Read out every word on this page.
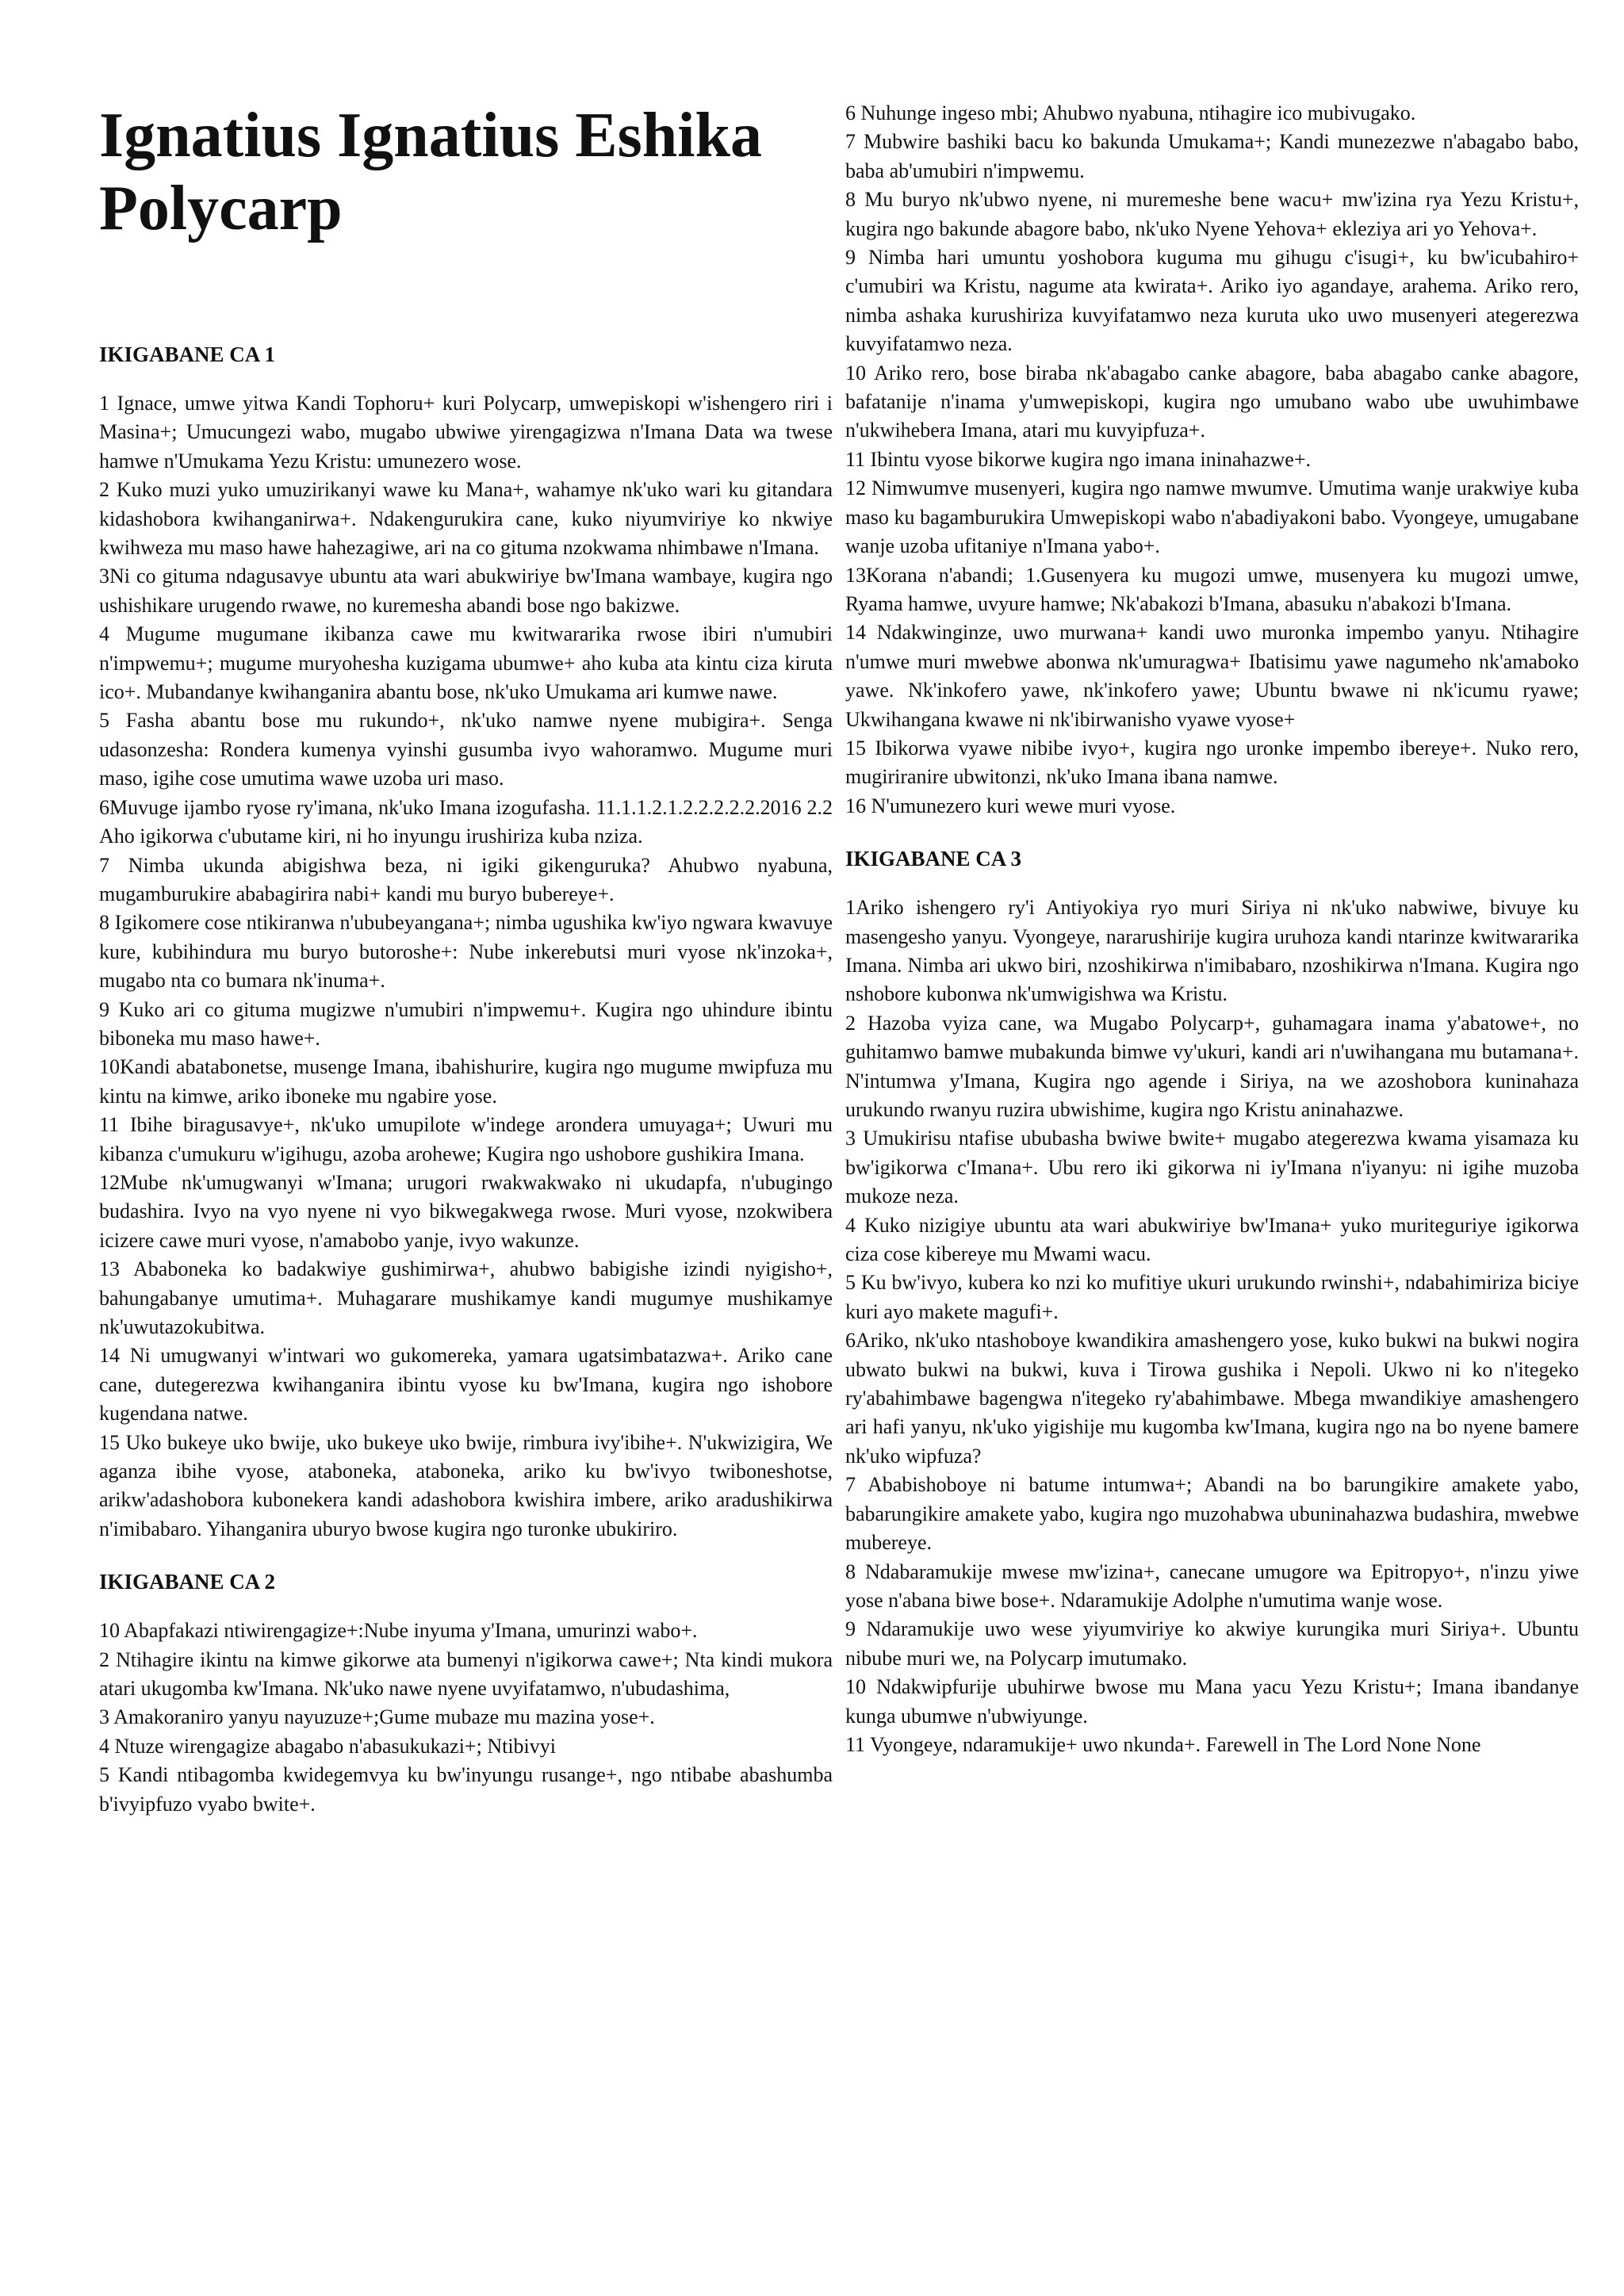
Ignatius Ignatius Eshika Polycarp
IKIGABANE CA 1

1 Ignace, umwe yitwa Kandi Tophoru+ kuri Polycarp, umwepiskopi w'ishengero riri i Masina+; Umucungezi wabo, mugabo ubwiwe yirengagizwa n'Imana Data wa twese hamwe n'Umukama Yezu Kristu: umunezero wose.

2 Kuko muzi yuko umuzirikanyi wawe ku Mana+, wahamye nk'uko wari ku gitandara kidashobora kwihanganirwa+. Ndakengurukira cane, kuko niyumviriye ko nkwiye kwihweza mu maso hawe hahezagiwe, ari na co gituma nzokwama nhimbawe n'Imana.

3Ni co gituma ndagusavye ubuntu ata wari abukwiriye bw'Imana wambaye, kugira ngo ushishikare urugendo rwawe, no kuremesha abandi bose ngo bakizwe.

4 Mugume mugumane ikibanza cawe mu kwitwararika rwose ibiri n'umubiri n'impwemu+; mugume muryohesha kuzigama ubumwe+ aho kuba ata kintu ciza kiruta ico+. Mubandanye kwihanganira abantu bose, nk'uko Umukama ari kumwe nawe.

5 Fasha abantu bose mu rukundo+, nk'uko namwe nyene mubigira+. Senga udasonzesha: Rondera kumenya vyinshi gusumba ivyo wahoramwo. Mugume muri maso, igihe cose umutima wawe uzoba uri maso.

6Muvuge ijambo ryose ry'imana, nk'uko Imana izogufasha. 11.1.1.2.1.2.2.2.2.2.2016 2.2 Aho igikorwa c'ubutame kiri, ni ho inyungu irushiriza kuba nziza.

7 Nimba ukunda abigishwa beza, ni igiki gikenguruka? Ahubwo nyabuna, mugamburukire ababagirira nabi+ kandi mu buryo bubereye+.

8 Igikomere cose ntikiranwa n'ububeyangana+; nimba ugushika kw'iyo ngwara kwavuye kure, kubihindura mu buryo butoroshe+: Nube inkerebutsi muri vyose nk'inzoka+, mugabo nta co bumara nk'inuma+.

9 Kuko ari co gituma mugizwe n'umubiri n'impwemu+. Kugira ngo uhindure ibintu biboneka mu maso hawe+.

10Kandi abatabonetse, musenge Imana, ibahishurire, kugira ngo mugume mwipfuza mu kintu na kimwe, ariko iboneke mu ngabire yose.

11 Ibihe biragusavye+, nk'uko umupilote w'indege arondera umuyaga+; Uwuri mu kibanza c'umukuru w'igihugu, azoba arohewe; Kugira ngo ushobore gushikira Imana.

12Mube nk'umugwanyi w'Imana; urugori rwakwakwako ni ukudapfa, n'ubugingo budashira. Ivyo na vyo nyene ni vyo bikwegakwega rwose. Muri vyose, nzokwibera icizere cawe muri vyose, n'amabobo yanje, ivyo wakunze.

13 Ababoneka ko badakwiye gushimirwa+, ahubwo babigishe izindi nyigisho+, bahungabanye umutima+. Muhagarare mushikamye kandi mugumye mushikamye nk'uwutazokubitwa.

14 Ni umugwanyi w'intwari wo gukomereka, yamara ugatsimbatazwa+. Ariko cane cane, dutegerezwa kwihanganira ibintu vyose ku bw'Imana, kugira ngo ishobore kugendana natwe.

15 Uko bukeye uko bwije, uko bukeye uko bwije, rimbura ivy'ibihe+. N'ukwizigira, We aganza ibihe vyose, ataboneka, ataboneka, ariko ku bw'ivyo twiboneshotse, arikw'adashobora kubonekera kandi adashobora kwishira imbere, ariko aradushikirwa n'imibabaro. Yihanganira uburyo bwose kugira ngo turonke ubukiriro.

IKIGABANE CA 2

10 Abapfakazi ntiwirengagize+:Nube inyuma y'Imana, umurinzi wabo+.

2 Ntihagire ikintu na kimwe gikorwe ata bumenyi n'igikorwa cawe+; Nta kindi mukora atari ukugomba kw'Imana. Nk'uko nawe nyene uvyifatamwo, n'ubudashima,

3 Amakoraniro yanyu nayuzuze+;Gume mubaze mu mazina yose+.

4 Ntuze wirengagize abagabo n'abasukukazi+; Ntibivyi

5 Kandi ntibagomba kwidegemvya ku bw'inyungu rusange+, ngo ntibabe abashumba b'ivyipfuzo vyabo bwite+.

6 Nuhunge ingeso mbi; Ahubwo nyabuna, ntihagire ico mubivugako.

7 Mubwire bashiki bacu ko bakunda Umukama+; Kandi munezezwe n'abagabo babo, baba ab'umubiri n'impwemu.

8 Mu buryo nk'ubwo nyene, ni muremeshe bene wacu+ mw'izina rya Yezu Kristu+, kugira ngo bakunde abagore babo, nk'uko Nyene Yehova+ ekleziya ari yo Yehova+.

9 Nimba hari umuntu yoshobora kuguma mu gihugu c'isugi+, ku bw'icubahiro+ c'umubiri wa Kristu, nagume ata kwirata+. Ariko iyo agandaye, arahema. Ariko rero, nimba ashaka kurushiriza kuvyifatamwo neza kuruta uko uwo musenyeri ategerezwa kuvyifatamwo neza.

10 Ariko rero, bose biraba nk'abagabo canke abagore, baba abagabo canke abagore, bafatanije n'inama y'umwepiskopi, kugira ngo umubano wabo ube uwuhimbawe n'ukwihebera Imana, atari mu kuvyipfuza+.

11 Ibintu vyose bikorwe kugira ngo imana ininahazwe+.

12 Nimwumve musenyeri, kugira ngo namwe mwumve. Umutima wanje urakwiye kuba maso ku bagamburukira Umwepiskopi wabo n'abadiyakoni babo. Vyongeye, umugabane wanje uzoba ufitaniye n'Imana yabo+.

13Korana n'abandi; 1.Gusenyera ku mugozi umwe, musenyera ku mugozi umwe, Ryama hamwe, uvyure hamwe; Nk'abakozi b'Imana, abasuku n'abakozi b'Imana.

14 Ndakwinginze, uwo murwana+ kandi uwo muronka impembo yanyu. Ntihagire n'umwe muri mwebwe abonwa nk'umuragwa+ Ibatisimu yawe nagumeho nk'amaboko yawe. Nk'inkofero yawe, nk'inkofero yawe; Ubuntu bwawe ni nk'icumu ryawe; Ukwihangana kwawe ni nk'ibirwanisho vyawe vyose+

15 Ibikorwa vyawe nibibe ivyo+, kugira ngo uronke impembo ibereye+. Nuko rero, mugiriranire ubwitonzi, nk'uko Imana ibana namwe.

16 N'umunezero kuri wewe muri vyose.

IKIGABANE CA 3

1Ariko ishengero ry'i Antiyokiya ryo muri Siriya ni nk'uko nabwiwe, bivuye ku masengesho yanyu. Vyongeye, nararushirije kugira uruhoza kandi ntarinze kwitwararika Imana. Nimba ari ukwo biri, nzoshikirwa n'imibabaro, nzoshikirwa n'Imana. Kugira ngo nshobore kubonwa nk'umwigishwa wa Kristu.

2 Hazoba vyiza cane, wa Mugabo Polycarp+, guhamagara inama y'abatowe+, no guhitamwo bamwe mubakunda bimwe vy'ukuri, kandi ari n'uwihangana mu butamana+. N'intumwa y'Imana, Kugira ngo agende i Siriya, na we azoshobora kuninahaza urukundo rwanyu ruzira ubwishime, kugira ngo Kristu aninahazwe.

3 Umukirisu ntafise ububasha bwiwe bwite+ mugabo ategerezwa kwama yisamaza ku bw'igikorwa c'Imana+. Ubu rero iki gikorwa ni iy'Imana n'iyanyu: ni igihe muzoba mukoze neza.

4 Kuko nizigiye ubuntu ata wari abukwiriye bw'Imana+ yuko muriteguriye igikorwa ciza cose kibereye mu Mwami wacu.

5 Ku bw'ivyo, kubera ko nzi ko mufitiye ukuri urukundo rwinshi+, ndabahimiriza biciye kuri ayo makete magufi+.

6Ariko, nk'uko ntashoboye kwandikira amashengero yose, kuko bukwi na bukwi nogira ubwato bukwi na bukwi, kuva i Tirowa gushika i Nepoli. Ukwo ni ko n'itegeko ry'abahimbawe bagengwa n'itegeko ry'abahimbawe. Mbega mwandikiye amashengero ari hafi yanyu, nk'uko yigishije mu kugomba kw'Imana, kugira ngo na bo nyene bamere nk'uko wipfuza?

7 Ababishoboye ni batume intumwa+; Abandi na bo barungikire amakete yabo, babarungikire amakete yabo, kugira ngo muzohabwa ubuninahazwa budashira, mwebwe mubereye.

8 Ndabaramukije mwese mw'izina+, canecane umugore wa Epitropyo+, n'inzu yiwe yose n'abana biwe bose+. Ndaramukije Adolphe n'umutima wanje wose.

9 Ndaramukije uwo wese yiyumviriye ko akwiye kurungika muri Siriya+. Ubuntu nibube muri we, na Polycarp imutumako.

10 Ndakwipfurije ubuhirwe bwose mu Mana yacu Yezu Kristu+; Imana ibandanye kunga ubumwe n'ubwiyunge.

11 Vyongeye, ndaramukije+ uwo nkunda+. Farewell in The Lord None None
